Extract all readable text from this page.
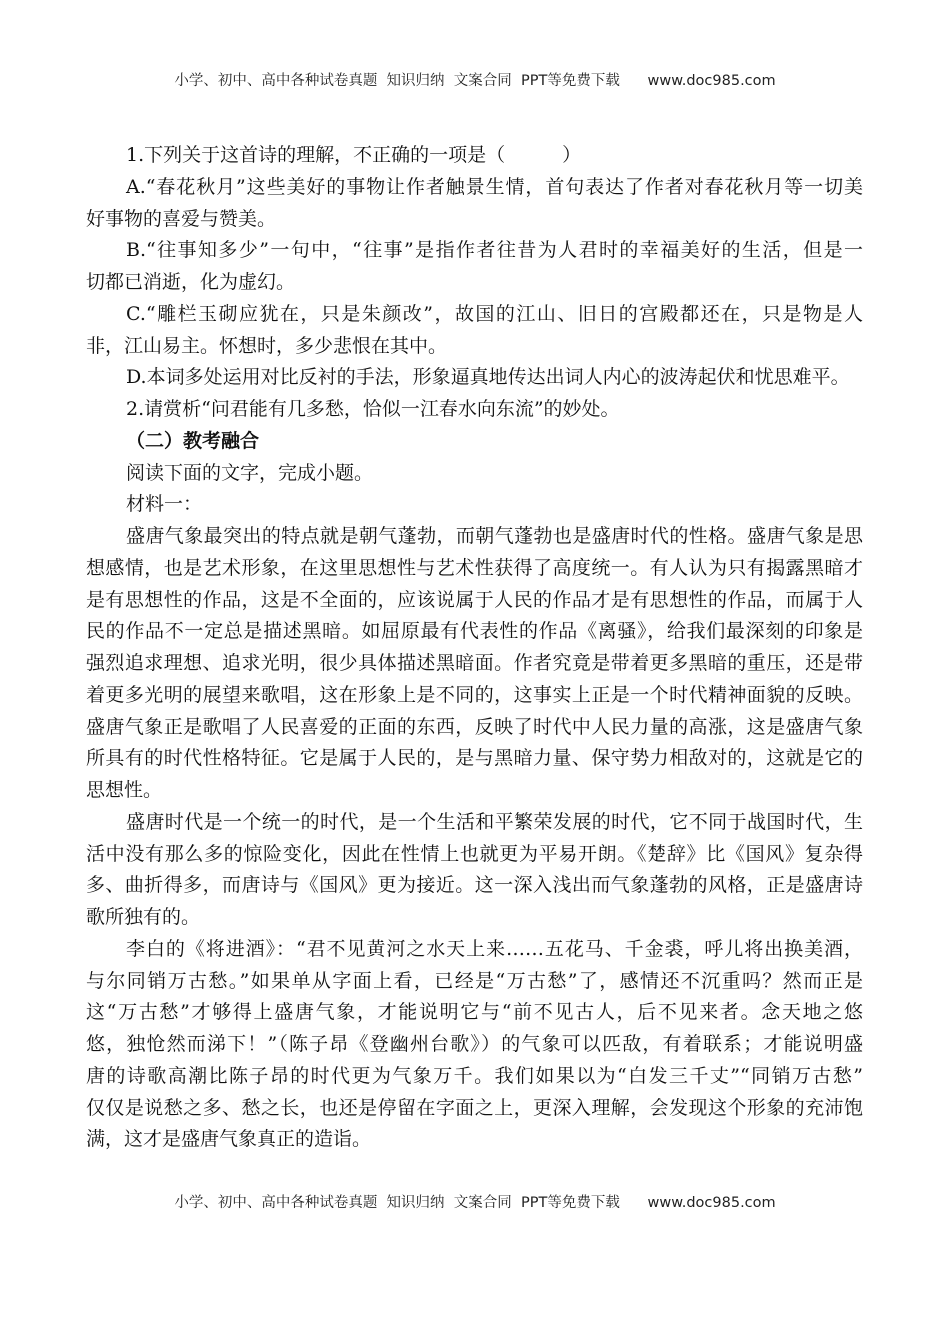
小学、初中、高中各种试卷真题  知识归纳  文案合同  PPT等免费下载      www.doc985.com
1.下列关于这首诗的理解，不正确的一项是（　　　）
A.“春花秋月”这些美好的事物让作者触景生情，首句表达了作者对春花秋月等一切美
好事物的喜爱与赞美。
B.“往事知多少”一句中，“往事”是指作者往昔为人君时的幸福美好的生活，但是一
切都已消逝，化为虚幻。
C.“雕栏玉砌应犹在，只是朱颜改”，故国的江山、旧日的宫殿都还在，只是物是人
非，江山易主。怀想时，多少悲恨在其中。
D.本词多处运用对比反衬的手法，形象逼真地传达出词人内心的波涛起伏和忧思难平。
2.请赏析“问君能有几多愁，恰似一江春水向东流”的妙处。
（二）教考融合
阅读下面的文字，完成小题。
材料一：
盛唐气象最突出的特点就是朝气蓬勃，而朝气蓬勃也是盛唐时代的性格。盛唐气象是思
想感情，也是艺术形象，在这里思想性与艺术性获得了高度统一。有人认为只有揭露黑暗才
是有思想性的作品，这是不全面的，应该说属于人民的作品才是有思想性的作品，而属于人
民的作品不一定总是描述黑暗。如屈原最有代表性的作品《离骚》，给我们最深刻的印象是
强烈追求理想、追求光明，很少具体描述黑暗面。作者究竟是带着更多黑暗的重压，还是带
着更多光明的展望来歌唱，这在形象上是不同的，这事实上正是一个时代精神面貌的反映。
盛唐气象正是歌唱了人民喜爱的正面的东西，反映了时代中人民力量的高涨，这是盛唐气象
所具有的时代性格特征。它是属于人民的，是与黑暗力量、保守势力相敌对的，这就是它的
思想性。
盛唐时代是一个统一的时代，是一个生活和平繁荣发展的时代，它不同于战国时代，生
活中没有那么多的惊险变化，因此在性情上也就更为平易开朗。《楚辞》比《国风》复杂得
多、曲折得多，而唐诗与《国风》更为接近。这一深入浅出而气象蓬勃的风格，正是盛唐诗
歌所独有的。
李白的《将进酒》：“君不见黄河之水天上来……五花马、千金裘，呼儿将出换美酒，
与尔同销万古愁。”如果单从字面上看，已经是“万古愁”了，感情还不沉重吗？然而正是
这“万古愁”才够得上盛唐气象，才能说明它与“前不见古人，后不见来者。念天地之悠
悠，独怆然而涕下！”（陈子昂《登幽州台歌》）的气象可以匹敌，有着联系；才能说明盛
唐的诗歌高潮比陈子昂的时代更为气象万千。我们如果以为“白发三千丈”“同销万古愁”
仅仅是说愁之多、愁之长，也还是停留在字面之上，更深入理解，会发现这个形象的充沛饱
满，这才是盛唐气象真正的造诣。
小学、初中、高中各种试卷真题  知识归纳  文案合同  PPT等免费下载      www.doc985.com
